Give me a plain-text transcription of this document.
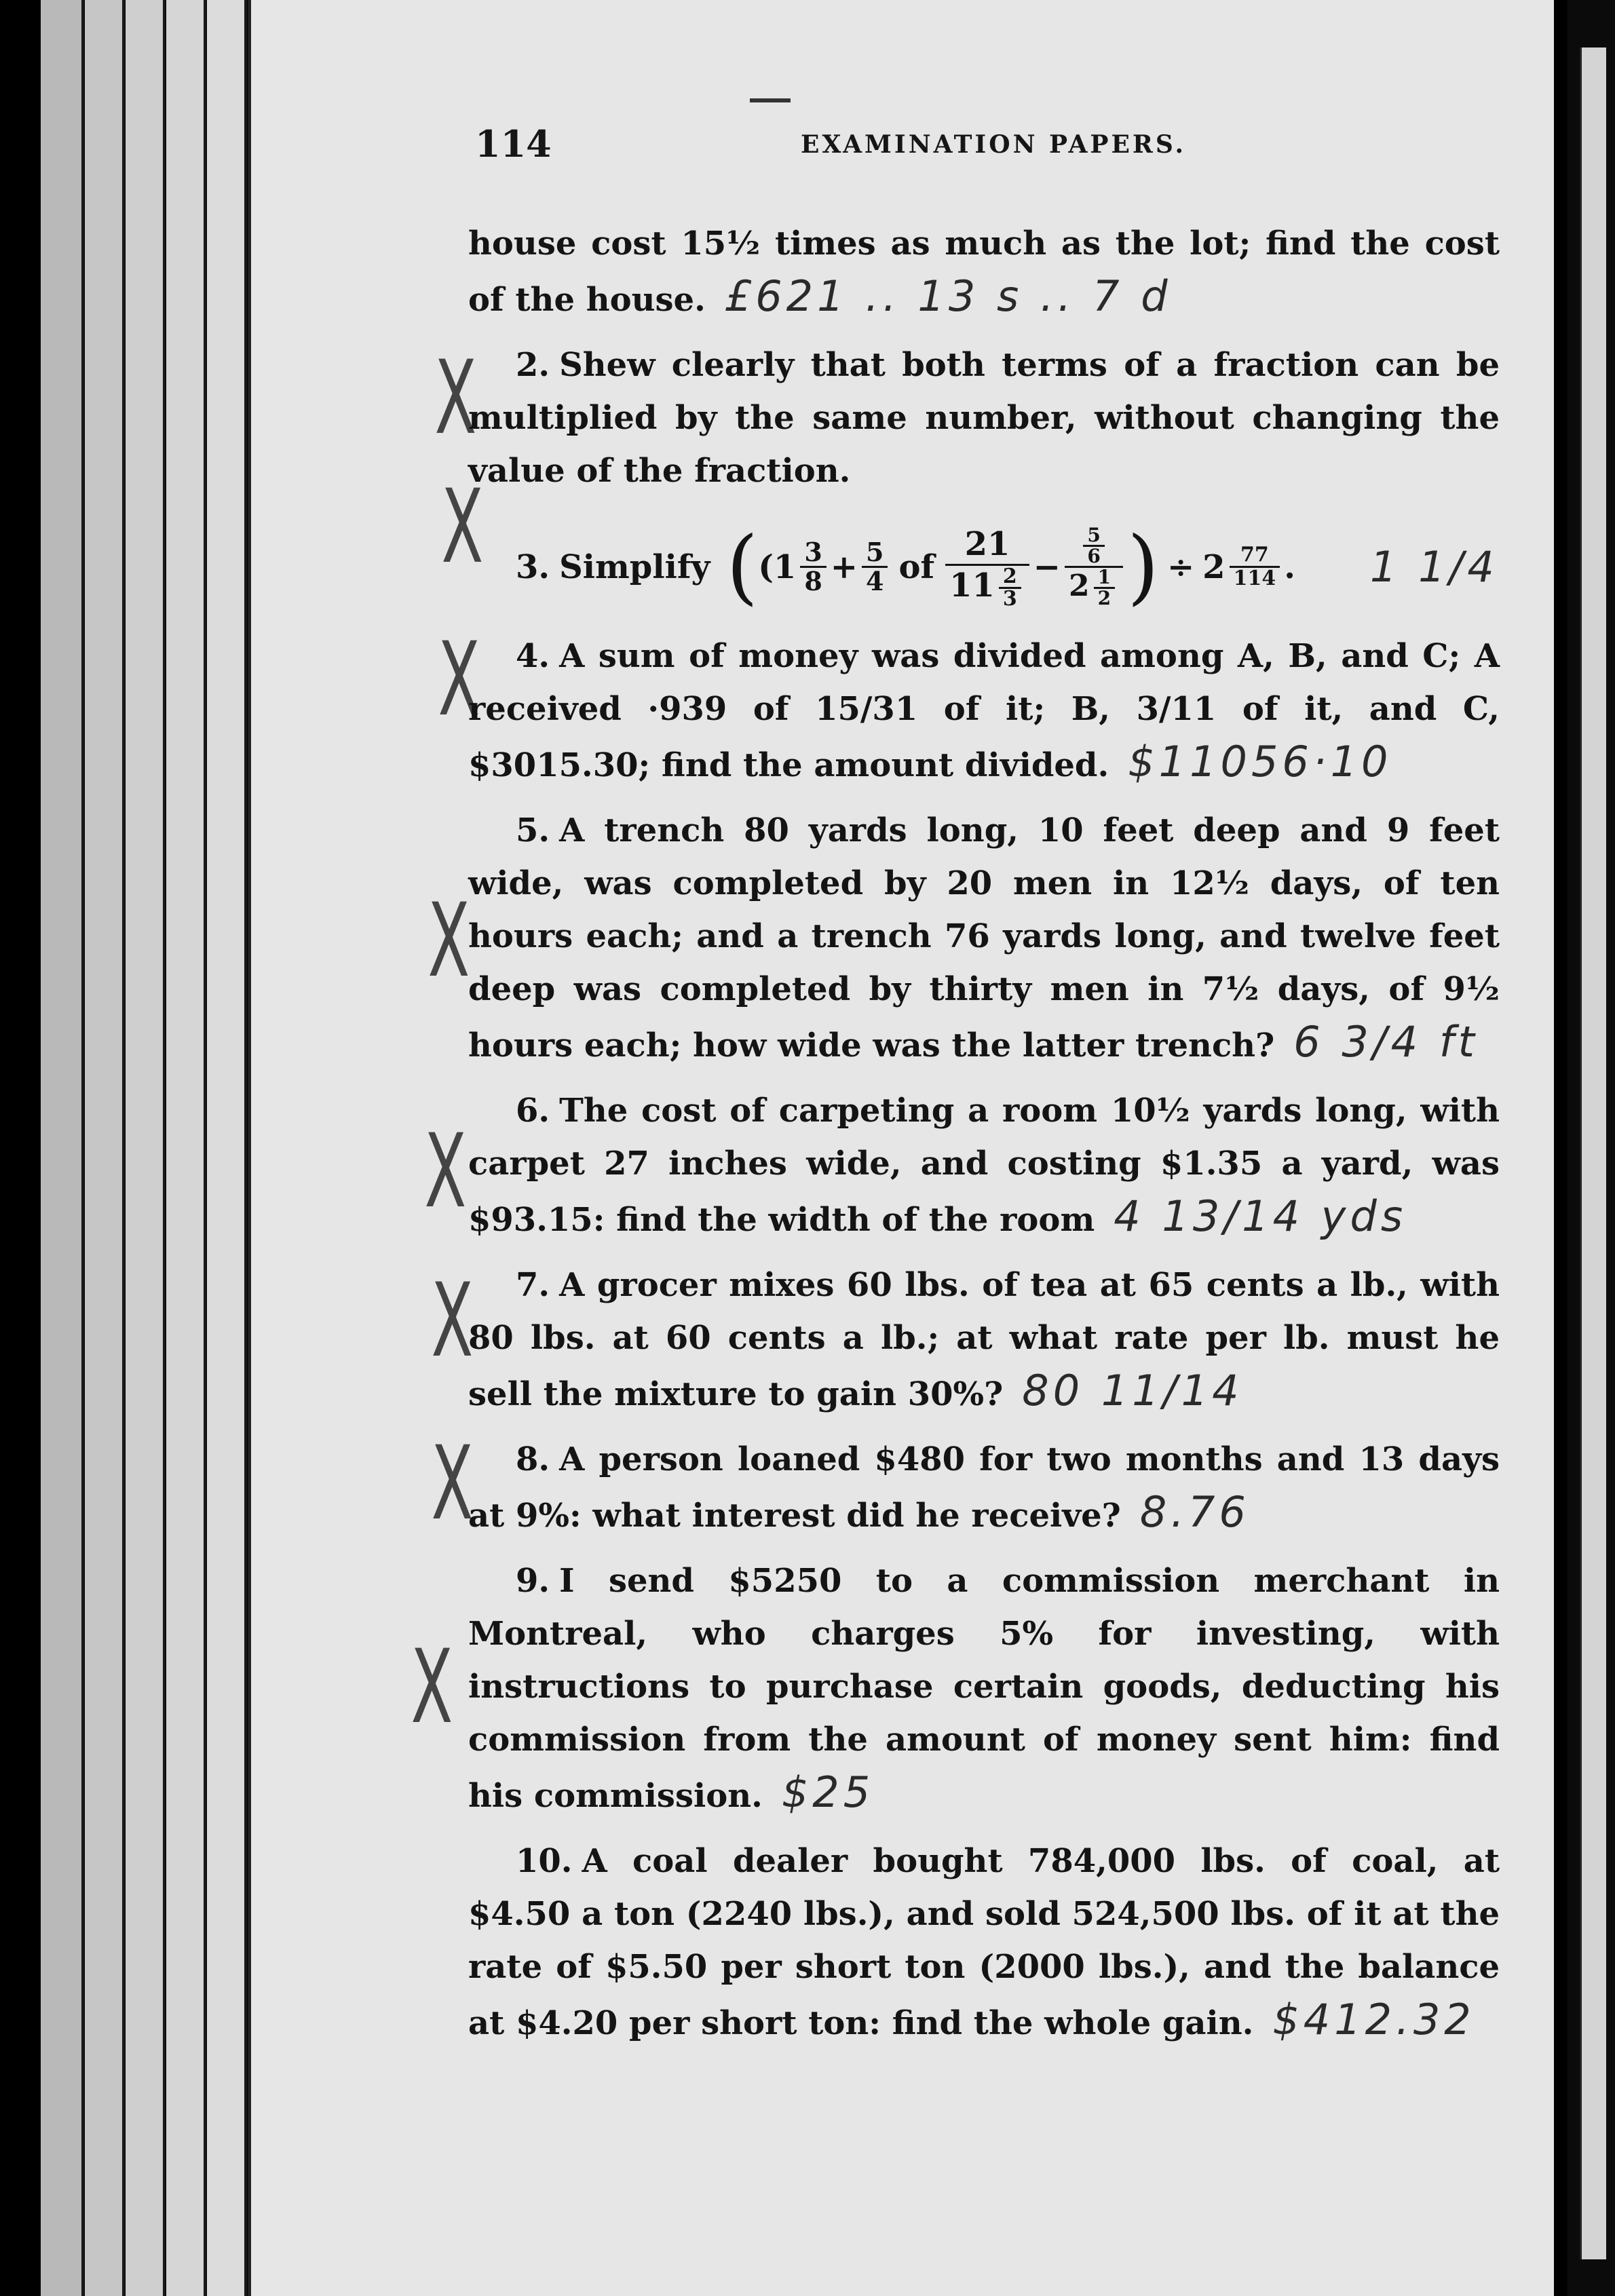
114	EXAMINATION PAPERS.
X
X
X
X
X
X
X
X

house cost 15½ times as much as the lot; find the cost of the house. £621 .. 13 s .. 7 d

2. Shew clearly that both terms of a fraction can be multiplied by the same number, without changing the value of the fraction.

3. Simplify ( ($1 \frac{3}{8} + \frac{5}{4}$ of $\frac{21}{11 \frac{2}{3}} - \frac{\frac{5}{6}}{2 \frac{1}{2}}$ ) ÷ $2 \frac{77}{114}$ . 1 1/4

4. A sum of money was divided among A, B, and C; A received ·939 of 15/31 of it; B, 3/11 of it, and C, $3015.30; find the amount divided. $11056·10

5. A trench 80 yards long, 10 feet deep and 9 feet wide, was completed by 20 men in 12½ days, of ten hours each; and a trench 76 yards long, and twelve feet deep was completed by thirty men in 7½ days, of 9½ hours each; how wide was the latter trench? 6 3/4 ft

6. The cost of carpeting a room 10½ yards long, with carpet 27 inches wide, and costing $1.35 a yard, was $93.15: find the width of the room 4 13/14 yds

7. A grocer mixes 60 lbs. of tea at 65 cents a lb., with 80 lbs. at 60 cents a lb.; at what rate per lb. must he sell the mixture to gain 30%? 80 11/14

8. A person loaned $480 for two months and 13 days at 9%: what interest did he receive? 8.76

9. I send $5250 to a commission merchant in Montreal, who charges 5% for investing, with instructions to purchase certain goods, deducting his commission from the amount of money sent him: find his commission. $25

10. A coal dealer bought 784,000 lbs. of coal, at $4.50 a ton (2240 lbs.), and sold 524,500 lbs. of it at the rate of $5.50 per short ton (2000 lbs.), and the balance at $4.20 per short ton: find the whole gain. $412.32
